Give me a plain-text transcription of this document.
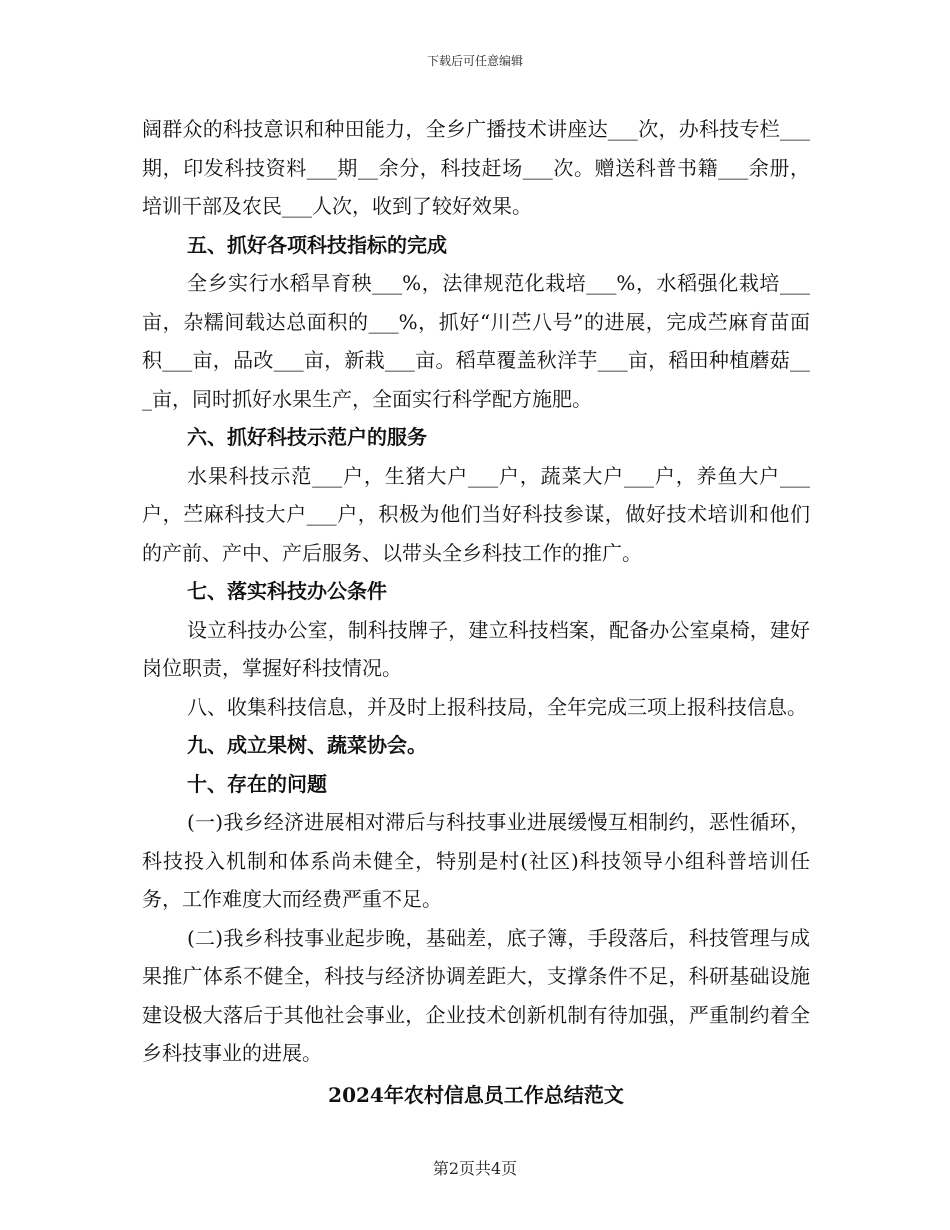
下载后可任意编辑

阔群众的科技意识和种田能力，全乡广播技术讲座达___次，办科技专栏___期，印发科技资料___期__余分，科技赶场___次。赠送科普书籍___余册，培训干部及农民___人次，收到了较好效果。

五、抓好各项科技指标的完成

全乡实行水稻旱育秧___%，法律规范化栽培___%，水稻强化栽培___亩，杂糯间载达总面积的___%，抓好“川苎八号”的进展，完成苎麻育苗面积___亩，品改___亩，新栽___亩。稻草覆盖秋洋芋___亩，稻田种植蘑菇___亩，同时抓好水果生产，全面实行科学配方施肥。

六、抓好科技示范户的服务

水果科技示范___户，生猪大户___户，蔬菜大户___户，养鱼大户___户，苎麻科技大户___户，积极为他们当好科技参谋，做好技术培训和他们的产前、产中、产后服务、以带头全乡科技工作的推广。

七、落实科技办公条件

设立科技办公室，制科技牌子，建立科技档案，配备办公室桌椅，建好岗位职责，掌握好科技情况。

八、收集科技信息，并及时上报科技局，全年完成三项上报科技信息。

九、成立果树、蔬菜协会。

十、存在的问题

(一)我乡经济进展相对滞后与科技事业进展缓慢互相制约，恶性循环，科技投入机制和体系尚未健全，特别是村(社区)科技领导小组科普培训任务，工作难度大而经费严重不足。

(二)我乡科技事业起步晚，基础差，底子簿，手段落后，科技管理与成果推广体系不健全，科技与经济协调差距大，支撑条件不足，科研基础设施建设极大落后于其他社会事业，企业技术创新机制有待加强，严重制约着全乡科技事业的进展。

2024年农村信息员工作总结范文

第2页共4页
